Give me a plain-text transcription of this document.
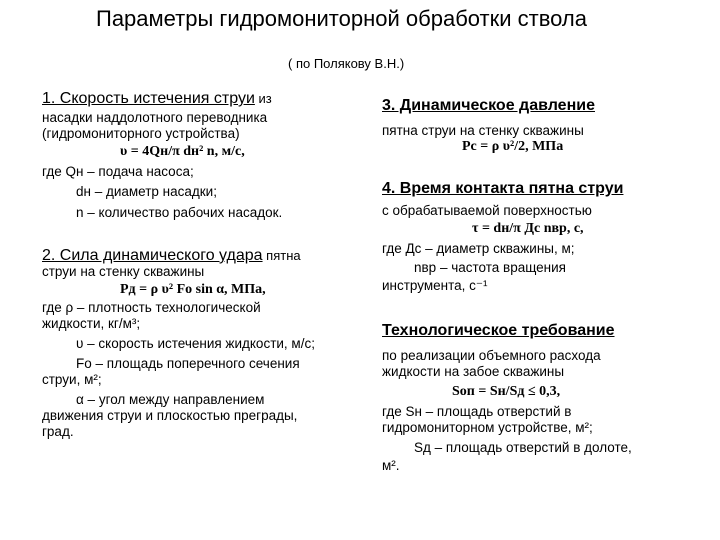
Параметры гидромониторной обработки ствола
( по Полякову В.Н.)
1. Скорость истечения струи из
насадки наддолотного переводника
(гидромониторного устройства)
υ = 4Qн/π dн² n, м/с,
где Qн – подача насоса;
dн – диаметр насадки;
n – количество рабочих насадок.
2. Сила динамического удара пятна
струи на стенку скважины
Pд = ρ υ² Fo sin α, МПа,
где ρ – плотность технологической
жидкости, кг/м³;
υ – скорость истечения жидкости, м/с;
Fo – площадь поперечного сечения
струи, м²;
α – угол между направлением
движения струи и плоскостью преграды,
град.
3. Динамическое давление
пятна струи на стенку скважины
Pc = ρ υ²/2, МПа
4. Время контакта пятна струи
с обрабатываемой поверхностью
τ = dн/π Дс nвр, с,
где Дс – диаметр скважины, м;
nвр – частота вращения
инструмента, с⁻¹
Технологическое требование
по реализации объемного расхода
жидкости на забое скважины
Sоп = Sн/Sд ≤ 0,3,
где Sн – площадь отверстий в
гидромониторном устройстве, м²;
Sд – площадь отверстий в долоте,
м².
